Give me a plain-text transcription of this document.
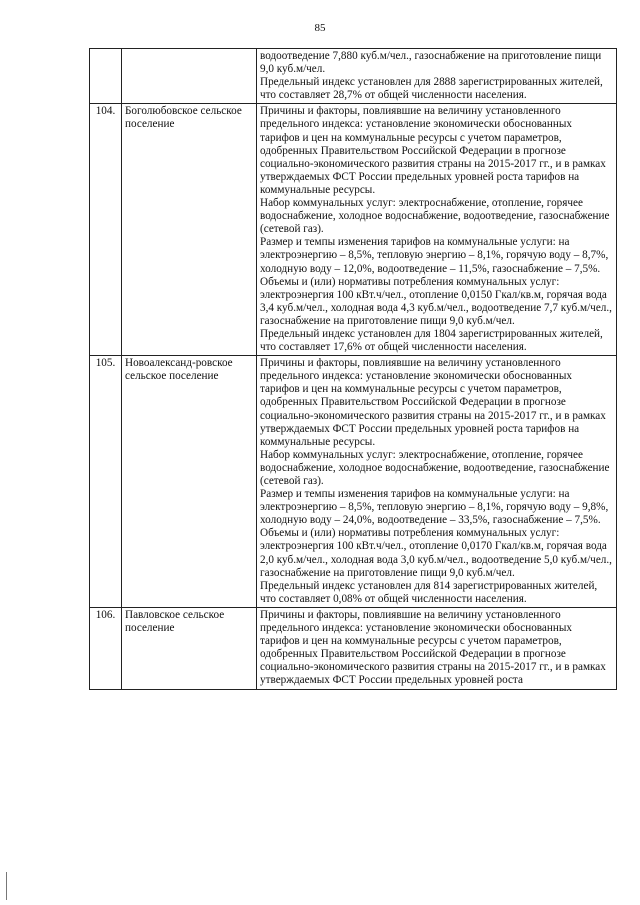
85

		водоотведение 7,880 куб.м/чел., газоснабжение на приготовление пищи 9,0 куб.м/чел.

Предельный индекс установлен для 2888 зарегистрированных жителей, что составляет 28,7% от общей численности населения.

104.	Боголюбовское сельское поселение	Причины и факторы, повлиявшие на величину установленного предельного индекса: установление экономически обоснованных тарифов и цен на коммунальные ресурсы с учетом параметров, одобренных Правительством Российской Федерации в прогнозе социально-экономического развития страны на 2015-2017 гг., и в рамках утверждаемых ФСТ России предельных уровней роста тарифов на коммунальные ресурсы.

Набор коммунальных услуг: электроснабжение, отопление, горячее водоснабжение, холодное водоснабжение, водоотведение, газоснабжение (сетевой газ).

Размер и темпы изменения тарифов на коммунальные услуги: на электроэнергию – 8,5%, тепловую энергию – 8,1%, горячую воду – 8,7%, холодную воду – 12,0%, водоотведение – 11,5%, газоснабжение – 7,5%.

Объемы и (или) нормативы потребления коммунальных услуг: электроэнергия 100 кВт.ч/чел., отопление 0,0150 Гкал/кв.м, горячая вода 3,4 куб.м/чел., холодная вода 4,3 куб.м/чел., водоотведение 7,7 куб.м/чел., газоснабжение на приготовление пищи 9,0 куб.м/чел.

Предельный индекс установлен для 1804 зарегистрированных жителей, что составляет 17,6% от общей численности населения.

105.	Новоалександ-ровское сельское поселение	Причины и факторы, повлиявшие на величину установленного предельного индекса: установление экономически обоснованных тарифов и цен на коммунальные ресурсы с учетом параметров, одобренных Правительством Российской Федерации в прогнозе социально-экономического развития страны на 2015-2017 гг., и в рамках утверждаемых ФСТ России предельных уровней роста тарифов на коммунальные ресурсы.

Набор коммунальных услуг: электроснабжение, отопление, горячее водоснабжение, холодное водоснабжение, водоотведение, газоснабжение (сетевой газ).

Размер и темпы изменения тарифов на коммунальные услуги: на электроэнергию – 8,5%, тепловую энергию – 8,1%, горячую воду – 9,8%, холодную воду – 24,0%, водоотведение – 33,5%, газоснабжение – 7,5%.

Объемы и (или) нормативы потребления коммунальных услуг: электроэнергия 100 кВт.ч/чел., отопление 0,0170 Гкал/кв.м, горячая вода 2,0 куб.м/чел., холодная вода 3,0 куб.м/чел., водоотведение 5,0 куб.м/чел., газоснабжение на приготовление пищи 9,0 куб.м/чел.

Предельный индекс установлен для 814 зарегистрированных жителей, что составляет 0,08% от общей численности населения.

106.	Павловское сельское поселение	Причины и факторы, повлиявшие на величину установленного предельного индекса: установление экономически обоснованных тарифов и цен на коммунальные ресурсы с учетом параметров, одобренных Правительством Российской Федерации в прогнозе социально-экономического развития страны на 2015-2017 гг., и в рамках утверждаемых ФСТ России предельных уровней роста
